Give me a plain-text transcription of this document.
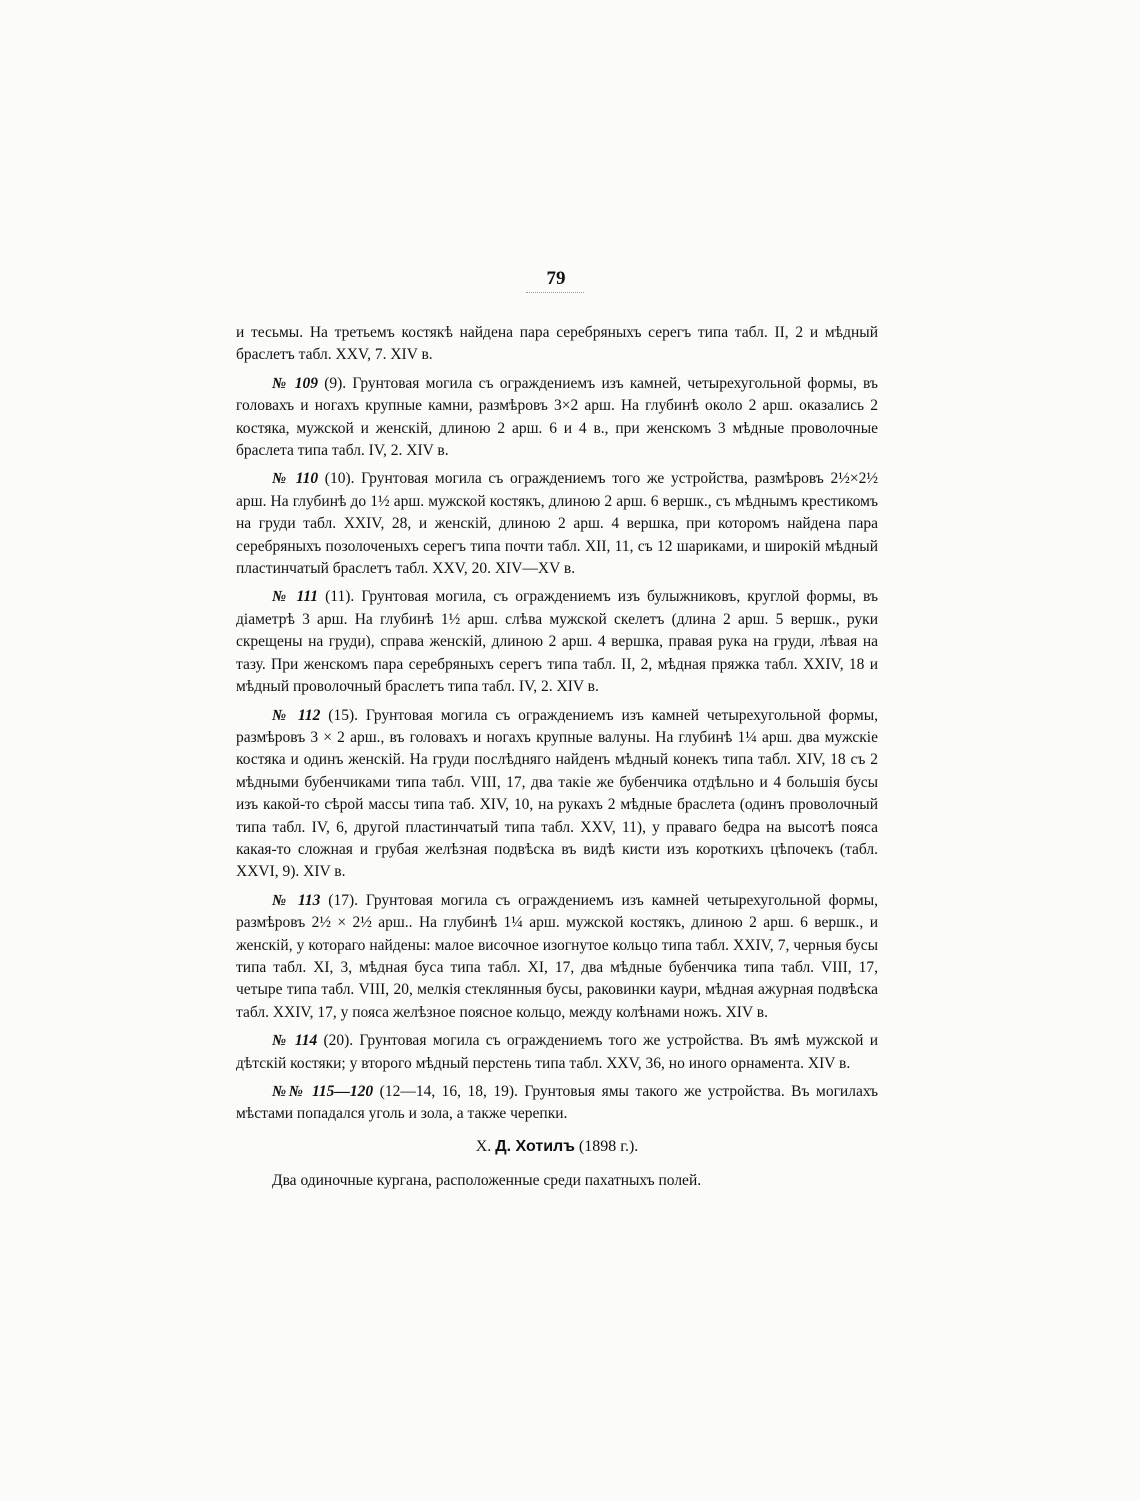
79

и тесьмы. На третьемъ костякѣ найдена пара серебряныхъ серегъ типа табл. II, 2 и мѣдный браслетъ табл. XXV, 7. XIV в.

№ 109 (9). Грунтовая могила съ ограждениемъ изъ камней, четырехугольной формы, въ головахъ и ногахъ крупные камни, размѣровъ 3×2 арш. На глубинѣ около 2 арш. оказались 2 костяка, мужской и женскій, длиною 2 арш. 6 и 4 в., при женскомъ 3 мѣдные проволочные браслета типа табл. IV, 2. XIV в.

№ 110 (10). Грунтовая могила съ ограждениемъ того же устройства, размѣровъ 2½×2½ арш. На глубинѣ до 1½ арш. мужской костякъ, длиною 2 арш. 6 вершк., съ мѣднымъ крестикомъ на груди табл. XXIV, 28, и женскій, длиною 2 арш. 4 вершка, при которомъ найдена пара серебряныхъ позолоченыхъ серегъ типа почти табл. XII, 11, съ 12 шариками, и широкій мѣдный пластинчатый браслетъ табл. XXV, 20. XIV—XV в.

№ 111 (11). Грунтовая могила, съ ограждениемъ изъ булыжниковъ, круглой формы, въ діаметрѣ 3 арш. На глубинѣ 1½ арш. слѣва мужской скелетъ (длина 2 арш. 5 вершк., руки скрещены на груди), справа женскій, длиною 2 арш. 4 вершка, правая рука на груди, лѣвая на тазу. При женскомъ пара серебряныхъ серегъ типа табл. II, 2, мѣдная пряжка табл. XXIV, 18 и мѣдный проволочный браслетъ типа табл. IV, 2. XIV в.

№ 112 (15). Грунтовая могила съ ограждениемъ изъ камней четырехугольной формы, размѣровъ 3 × 2 арш., въ головахъ и ногахъ крупные валуны. На глубинѣ 1¼ арш. два мужскіе костяка и одинъ женскій. На груди послѣдняго найденъ мѣдный конекъ типа табл. XIV, 18 съ 2 мѣдными бубенчиками типа табл. VIII, 17, два такіе же бубенчика отдѣльно и 4 большія бусы изъ какой-то сѣрой массы типа таб. XIV, 10, на рукахъ 2 мѣдные браслета (одинъ проволочный типа табл. IV, 6, другой пластинчатый типа табл. XXV, 11), у праваго бедра на высотѣ пояса какая-то сложная и грубая желѣзная подвѣска въ видѣ кисти изъ короткихъ цѣпочекъ (табл. XXVI, 9). XIV в.

№ 113 (17). Грунтовая могила съ ограждениемъ изъ камней четырехугольной формы, размѣровъ 2½ × 2½ арш.. На глубинѣ 1¼ арш. мужской костякъ, длиною 2 арш. 6 вершк., и женскій, у котораго найдены: малое височное изогнутое кольцо типа табл. XXIV, 7, черныя бусы типа табл. XI, 3, мѣдная буса типа табл. XI, 17, два мѣдные бубенчика типа табл. VIII, 17, четыре типа табл. VIII, 20, мелкія стеклянныя бусы, раковинки каури, мѣдная ажурная подвѣска табл. XXIV, 17, у пояса желѣзное поясное кольцо, между колѣнами ножъ. XIV в.

№ 114 (20). Грунтовая могила съ ограждениемъ того же устройства. Въ ямѣ мужской и дѣтскій костяки; у второго мѣдный перстень типа табл. XXV, 36, но иного орнамента. XIV в.

№№ 115—120 (12—14, 16, 18, 19). Грунтовыя ямы такого же устройства. Въ могилахъ мѣстами попадался уголь и зола, а также черепки.

X. Д. Хотилъ (1898 г.).

Два одиночные кургана, расположенные среди пахатныхъ полей.
